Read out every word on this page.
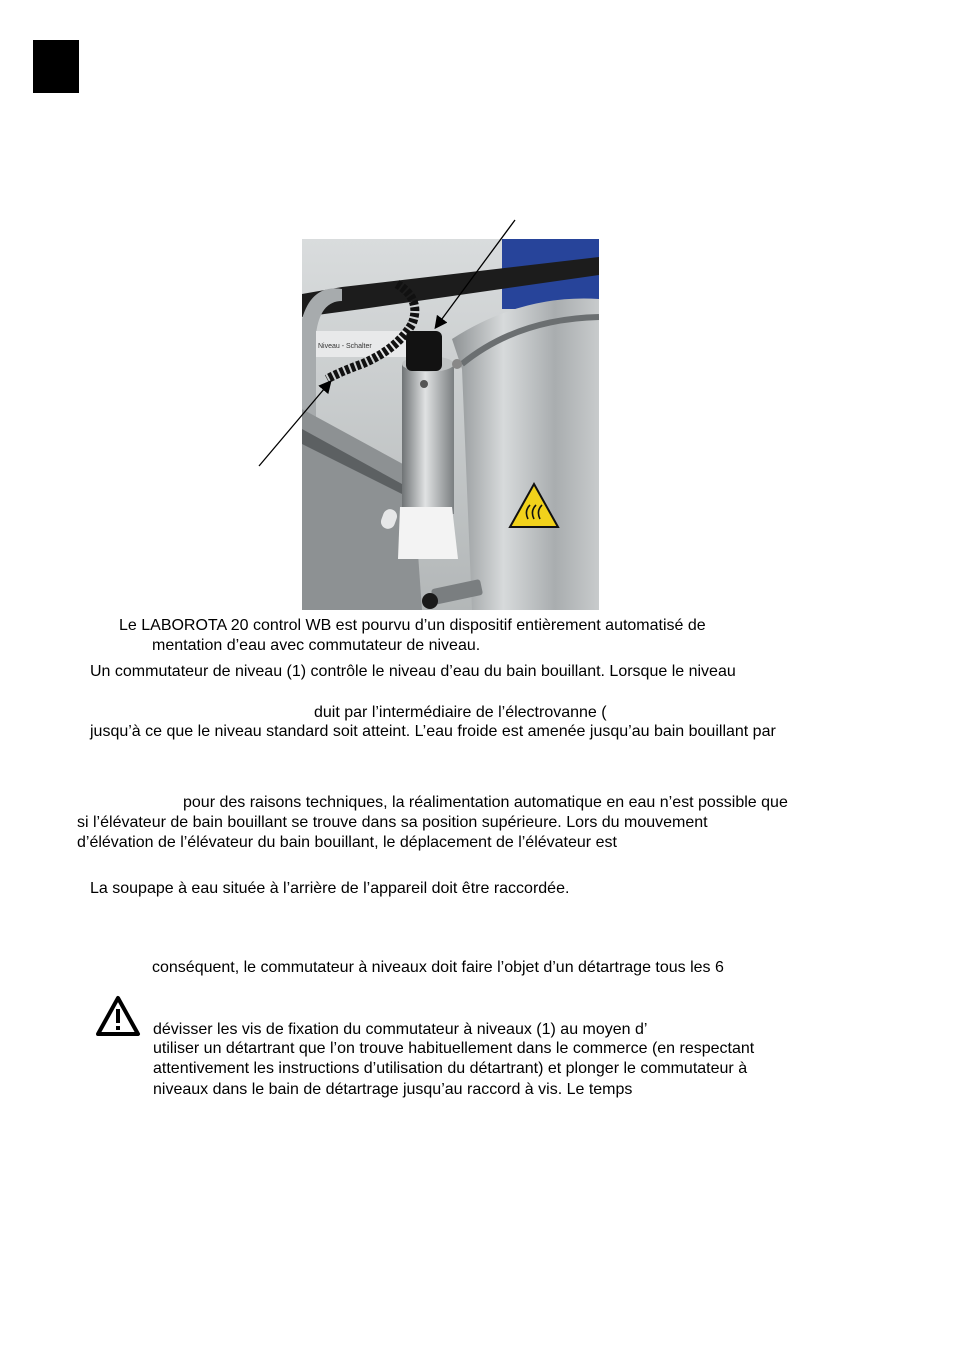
Niveau - Schalter
Le LABOROTA 20 control WB est pourvu d’un dispositif entièrement automatisé de
mentation d’eau avec commutateur de niveau.
Un commutateur de niveau (1) contrôle le niveau d’eau du bain bouillant. Lorsque le niveau
duit par l’intermédiaire de l’électrovanne (
jusqu’à ce que le niveau standard soit atteint. L’eau froide est amenée jusqu’au bain bouillant par
pour des raisons techniques, la réalimentation automatique en eau n’est possible que
si l’élévateur de bain bouillant se trouve dans sa position supérieure. Lors du mouvement
d’élévation de l’élévateur du bain bouillant, le déplacement de l’élévateur est
La soupape à eau située à l’arrière de l’appareil doit être raccordée.
conséquent, le commutateur à niveaux doit faire l’objet d’un détartrage tous les 6
dévisser les vis de fixation du commutateur à niveaux (1) au moyen d’
utiliser un détartrant que l’on trouve habituellement dans le commerce (en respectant
attentivement les instructions d’utilisation du détartrant) et plonger le commutateur à
niveaux dans le bain de détartrage jusqu’au raccord à vis. Le temps
